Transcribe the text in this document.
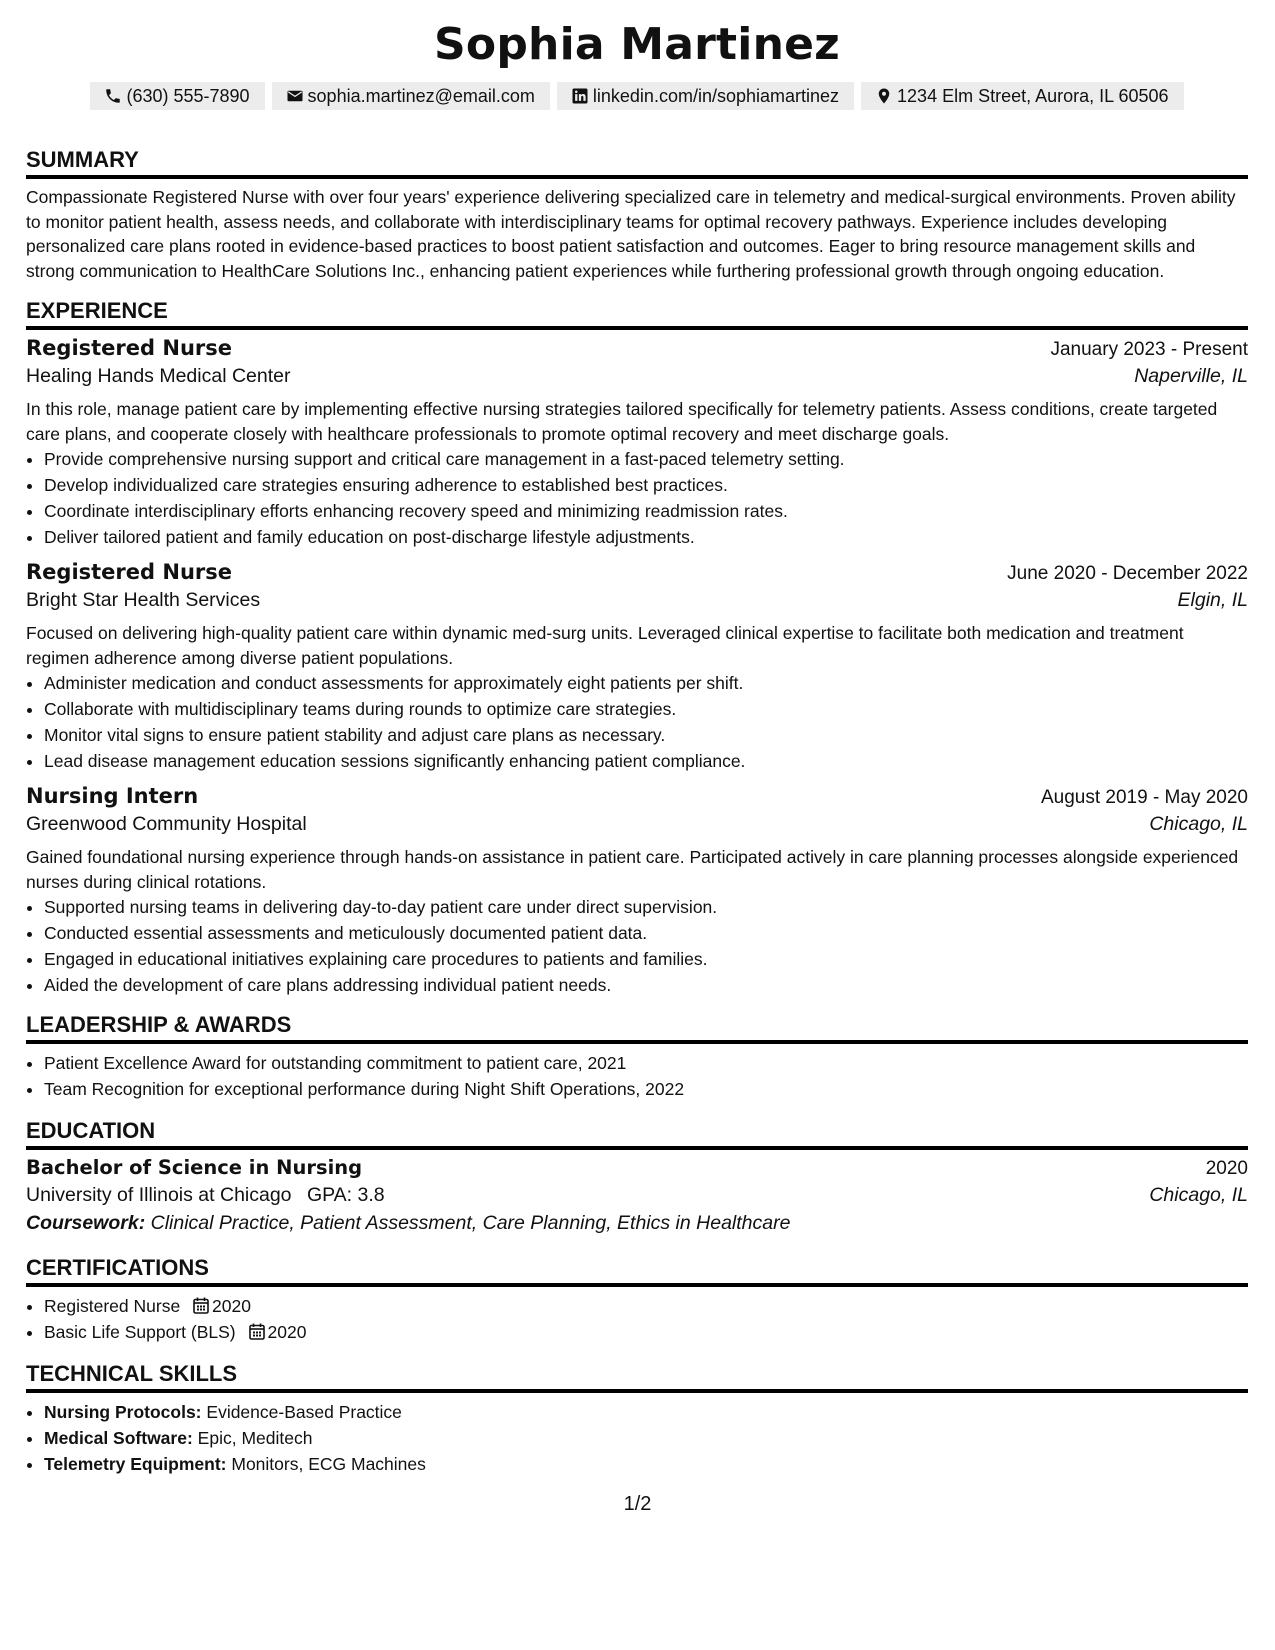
Sophia Martinez
(630) 555-7890	sophia.martinez@email.com	linkedin.com/in/sophiamartinez	1234 Elm Street, Aurora, IL 60506
SUMMARY

Compassionate Registered Nurse with over four years' experience delivering specialized care in telemetry and medical-surgical environments. Proven ability to monitor patient health, assess needs, and collaborate with interdisciplinary teams for optimal recovery pathways. Experience includes developing personalized care plans rooted in evidence-based practices to boost patient satisfaction and outcomes. Eager to bring resource management skills and strong communication to HealthCare Solutions Inc., enhancing patient experiences while furthering professional growth through ongoing education.

EXPERIENCE
Registered Nurse	January 2023 - Present
Healing Hands Medical Center	Naperville, IL

In this role, manage patient care by implementing effective nursing strategies tailored specifically for telemetry patients. Assess conditions, create targeted care plans, and cooperate closely with healthcare professionals to promote optimal recovery and meet discharge goals.

• Provide comprehensive nursing support and critical care management in a fast-paced telemetry setting.
• Develop individualized care strategies ensuring adherence to established best practices.
• Coordinate interdisciplinary efforts enhancing recovery speed and minimizing readmission rates.
• Deliver tailored patient and family education on post-discharge lifestyle adjustments.
Registered Nurse	June 2020 - December 2022
Bright Star Health Services	Elgin, IL

Focused on delivering high-quality patient care within dynamic med-surg units. Leveraged clinical expertise to facilitate both medication and treatment regimen adherence among diverse patient populations.

• Administer medication and conduct assessments for approximately eight patients per shift.
• Collaborate with multidisciplinary teams during rounds to optimize care strategies.
• Monitor vital signs to ensure patient stability and adjust care plans as necessary.
• Lead disease management education sessions significantly enhancing patient compliance.
Nursing Intern	August 2019 - May 2020
Greenwood Community Hospital	Chicago, IL

Gained foundational nursing experience through hands-on assistance in patient care. Participated actively in care planning processes alongside experienced nurses during clinical rotations.

• Supported nursing teams in delivering day-to-day patient care under direct supervision.
• Conducted essential assessments and meticulously documented patient data.
• Engaged in educational initiatives explaining care procedures to patients and families.
• Aided the development of care plans addressing individual patient needs.
LEADERSHIP & AWARDS
• Patient Excellence Award for outstanding commitment to patient care, 2021
• Team Recognition for exceptional performance during Night Shift Operations, 2022
EDUCATION
Bachelor of Science in Nursing	2020
University of Illinois at Chicago GPA: 3.8	Chicago, IL
Coursework: Clinical Practice, Patient Assessment, Care Planning, Ethics in Healthcare
CERTIFICATIONS
• Registered Nurse 2020
• Basic Life Support (BLS) 2020
TECHNICAL SKILLS
• Nursing Protocols: Evidence-Based Practice
• Medical Software: Epic, Meditech
• Telemetry Equipment: Monitors, ECG Machines
1/2
